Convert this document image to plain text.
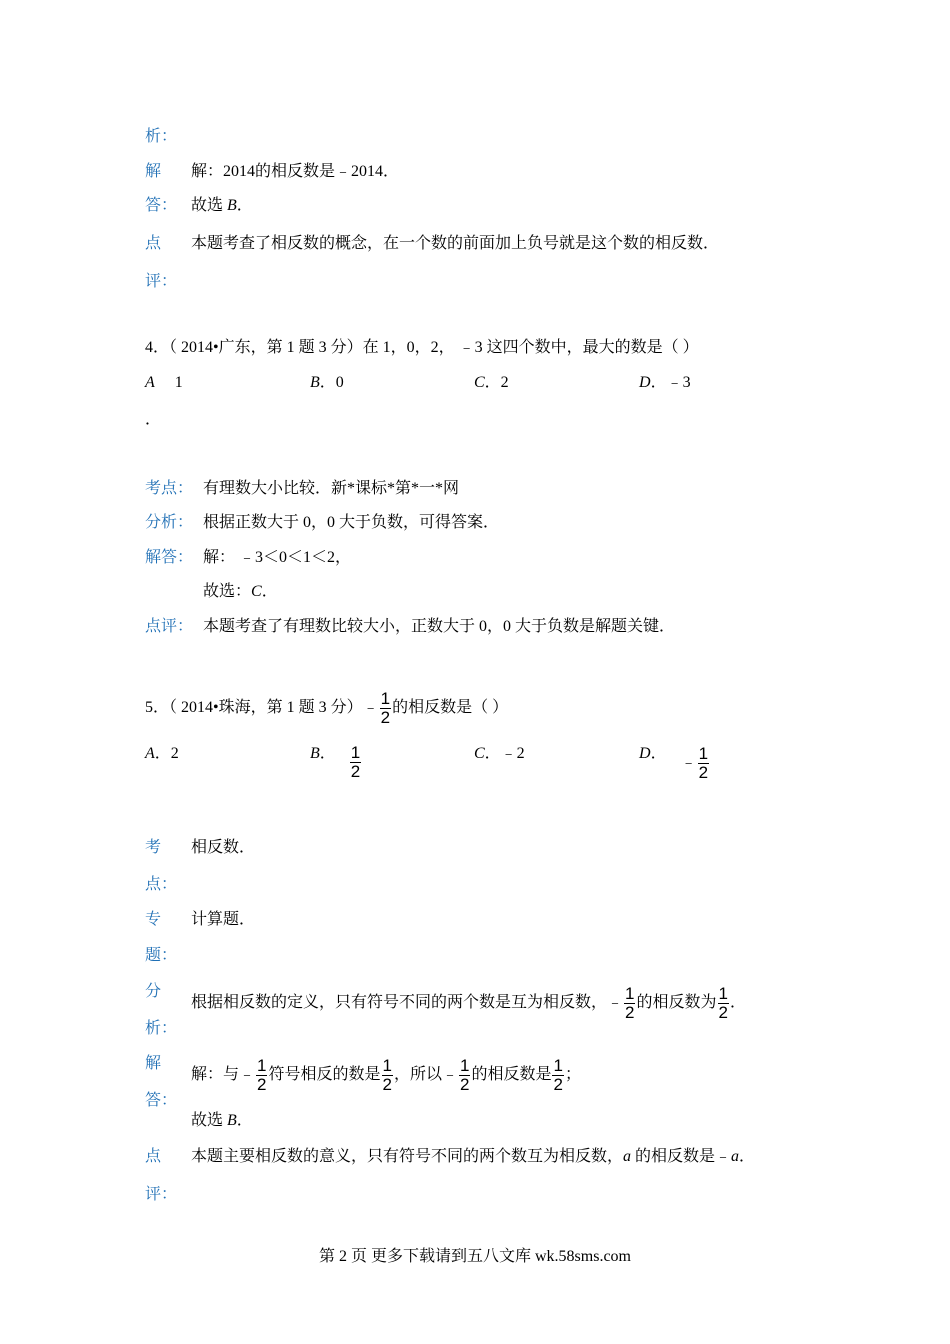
析：
解 解：2014的相反数是﹣2014．
答： 故选 B．
点 本题考查了相反数的概念，在一个数的前面加上负号就是这个数的相反数．
评：
4．（ 2014•广东，第 1 题 3 分）在 1，0，2， ﹣3 这四个数中，最大的数是（ ）
A 1	B．0	C．2	D．﹣3
．
考点： 有理数大小比较．新*课标*第*一*网
分析： 根据正数大于 0，0 大于负数，可得答案．
解答： 解： ﹣3＜0＜1＜2，
故选：C．
点评： 本题考查了有理数比较大小，正数大于 0，0 大于负数是解题关键．
5．（ 2014•珠海，第 1 题 3 分）﹣ $\frac{1}{2}$ 的相反数是（ ）
A．2	B． $\frac{1}{2}$	C．﹣2	D．﹣ $\frac{1}{2}$
考 相反数．
点：
专 计算题．
题：
分
根据相反数的定义，只有符号不同的两个数是互为相反数，﹣ $\frac{1}{2}$ 的相反数为 $\frac{1}{2}$ ．
析：
解
解：与﹣ $\frac{1}{2}$ 符号相反的数是 $\frac{1}{2}$ ，所以﹣ $\frac{1}{2}$ 的相反数是 $\frac{1}{2}$ ；
答：
故选 B．
点 本题主要相反数的意义，只有符号不同的两个数互为相反数，a 的相反数是﹣a．
评：
第 2 页 更多下载请到五八文库 wk.58sms.com
